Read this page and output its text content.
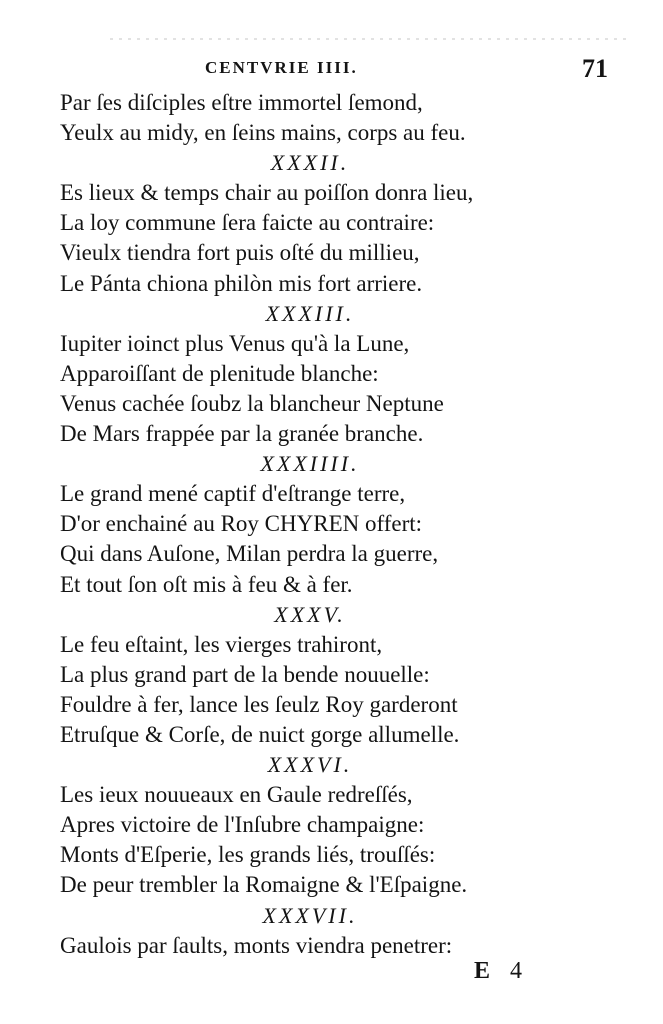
CENTVRIE IIII.	71
Par ſes diſciples eſtre immortel ſemond,
Yeulx au midy, en ſeins mains, corps au feu.
XXXII.
Es lieux & temps chair au poiſſon donra lieu,
La loy commune ſera faicte au contraire:
Vieulx tiendra fort puis oſté du millieu,
Le Pánta chiona philòn mis fort arriere.
XXXIII.
Iupiter ioinct plus Venus qu'à la Lune,
Apparoiſſant de plenitude blanche:
Venus cachée ſoubz la blancheur Neptune
De Mars frappée par la granée branche.
XXXIIII.
Le grand mené captif d'eſtrange terre,
D'or enchainé au Roy CHYREN offert:
Qui dans Auſone, Milan perdra la guerre,
Et tout ſon oſt mis à feu & à fer.
XXXV.
Le feu eſtaint, les vierges trahiront,
La plus grand part de la bende nouuelle:
Fouldre à fer, lance les ſeulz Roy garderont
Etruſque & Corſe, de nuict gorge allumelle.
XXXVI.
Les ieux nouueaux en Gaule redreſſés,
Apres victoire de l'Inſubre champaigne:
Monts d'Eſperie, les grands liés, trouſſés:
De peur trembler la Romaigne & l'Eſpaigne.
XXXVII.
Gaulois par ſaults, monts viendra penetrer:
E 4
